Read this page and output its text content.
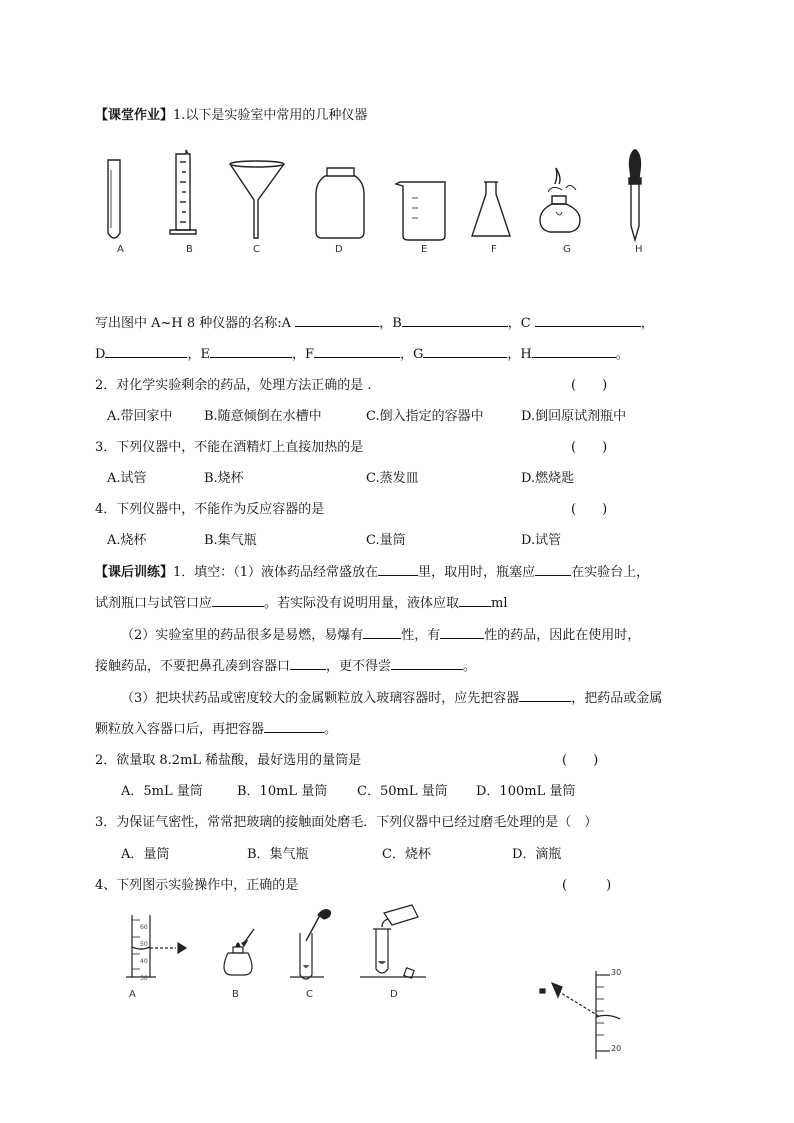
【课堂作业】1.以下是实验室中常用的几种仪器
A	B	C	D	E	F	G	H
写出图中 A~H 8 种仪器的名称:A	，B	，C	，
D	，E	，F	，G	，H	。
2．对化学实验剩余的药品，处理方法正确的是 .	(　　)
A.带回家中 B.随意倾倒在水槽中	C.倒入指定的容器中	D.倒回原试剂瓶中
3．下列仪器中，不能在酒精灯上直接加热的是	(　　)
A.试管	B.烧杯	C.蒸发皿	D.燃烧匙
4．下列仪器中，不能作为反应容器的是	(　　)
A.烧杯	B.集气瓶	C.量筒	D.试管
【课后训练】1．填空：（1）液体药品经常盛放在	里，取用时，瓶塞应	在实验台上，
试剂瓶口与试管口应	。若实际没有说明用量，液体应取 ml
（2）实验室里的药品很多是易燃，易爆有	性，有	性的药品，因此在使用时，
接触药品，不要把鼻孔凑到容器口	，更不得尝	。
（3）把块状药品或密度较大的金属颗粒放入玻璃容器时，应先把容器	，把药品或金属
颗粒放入容器口后，再把容器	。
2．欲量取 8.2mL 稀盐酸，最好选用的量筒是	(　　)
A．5mL 量筒	B．10mL 量筒 C．50mL 量筒 D．100mL 量筒
3．为保证气密性，常常把玻璃的接触面处磨毛．下列仪器中已经过磨毛处理的是（　）
A．量筒	B．集气瓶	C．烧杯	D．滴瓶
4、下列图示实验操作中，正确的是	(　　　)
A	B	C	D
60
50
40
30
30
20
